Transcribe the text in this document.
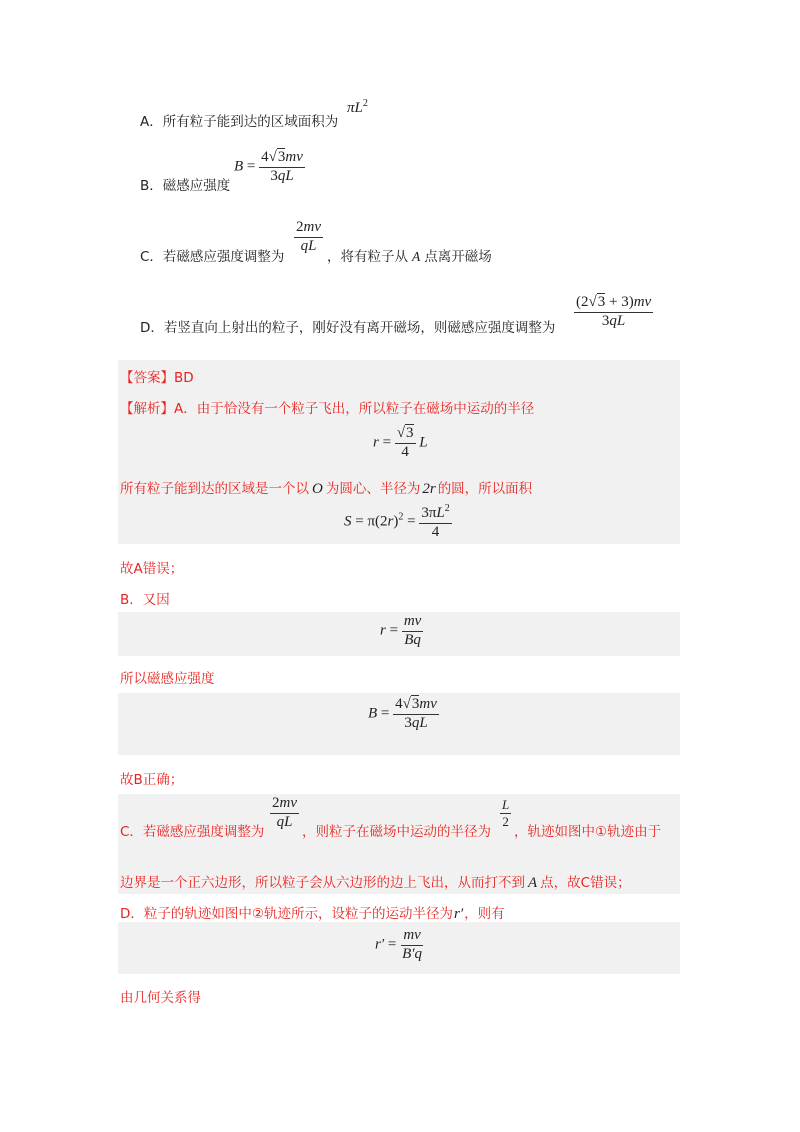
A．所有粒子能到达的区域面积为
$\pi L^2$
B．磁感应强度
$B = \frac{4√3mv}{3qL}$
C．若磁感应强度调整为
$\frac{2mv}{qL}$
，将有粒子从 A 点离开磁场
D．若竖直向上射出的粒子，刚好没有离开磁场，则磁感应强度调整为 $\frac{(2√3 + 3)mv}{3qL}$
【答案】BD
【解析】A．由于恰没有一个粒子飞出，所以粒子在磁场中运动的半径
$r = \frac{√3}{4}$ L
所有粒子能到达的区域是一个以 O 为圆心、半径为 2r 的圆，所以面积
$S = \pi(2r)^2 = \frac{3\pi L^2}{4}$
故A错误；
B．又因
$r = \frac{mv}{Bq}$
所以磁感应强度
$B = \frac{4√3mv}{3qL}$
故B正确；
C．若磁感应强度调整为
$\frac{2mv}{qL}$
，则粒子在磁场中运动的半径为
$\frac{L}{2}$
，轨迹如图中①轨迹由于
边界是一个正六边形，所以粒子会从六边形的边上飞出，从而打不到 A 点，故C错误；
D．粒子的轨迹如图中②轨迹所示，设粒子的运动半径为r′，则有
$r' = \frac{mv}{B'q}$
由几何关系得
